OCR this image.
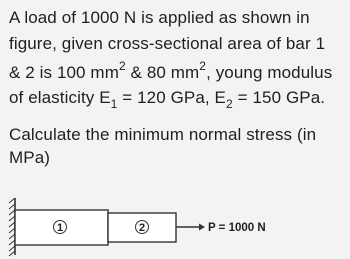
A load of 1000 N is applied as shown in
figure, given cross-sectional area of bar 1
& 2 is 100 $mm^2$ & 80 $mm^2$, young modulus
of elasticity $E_1 = 120$ GPa, $E_2 = 150$ GPa.
Calculate the minimum normal stress (in
MPa)
1	2	P = 1000 N
